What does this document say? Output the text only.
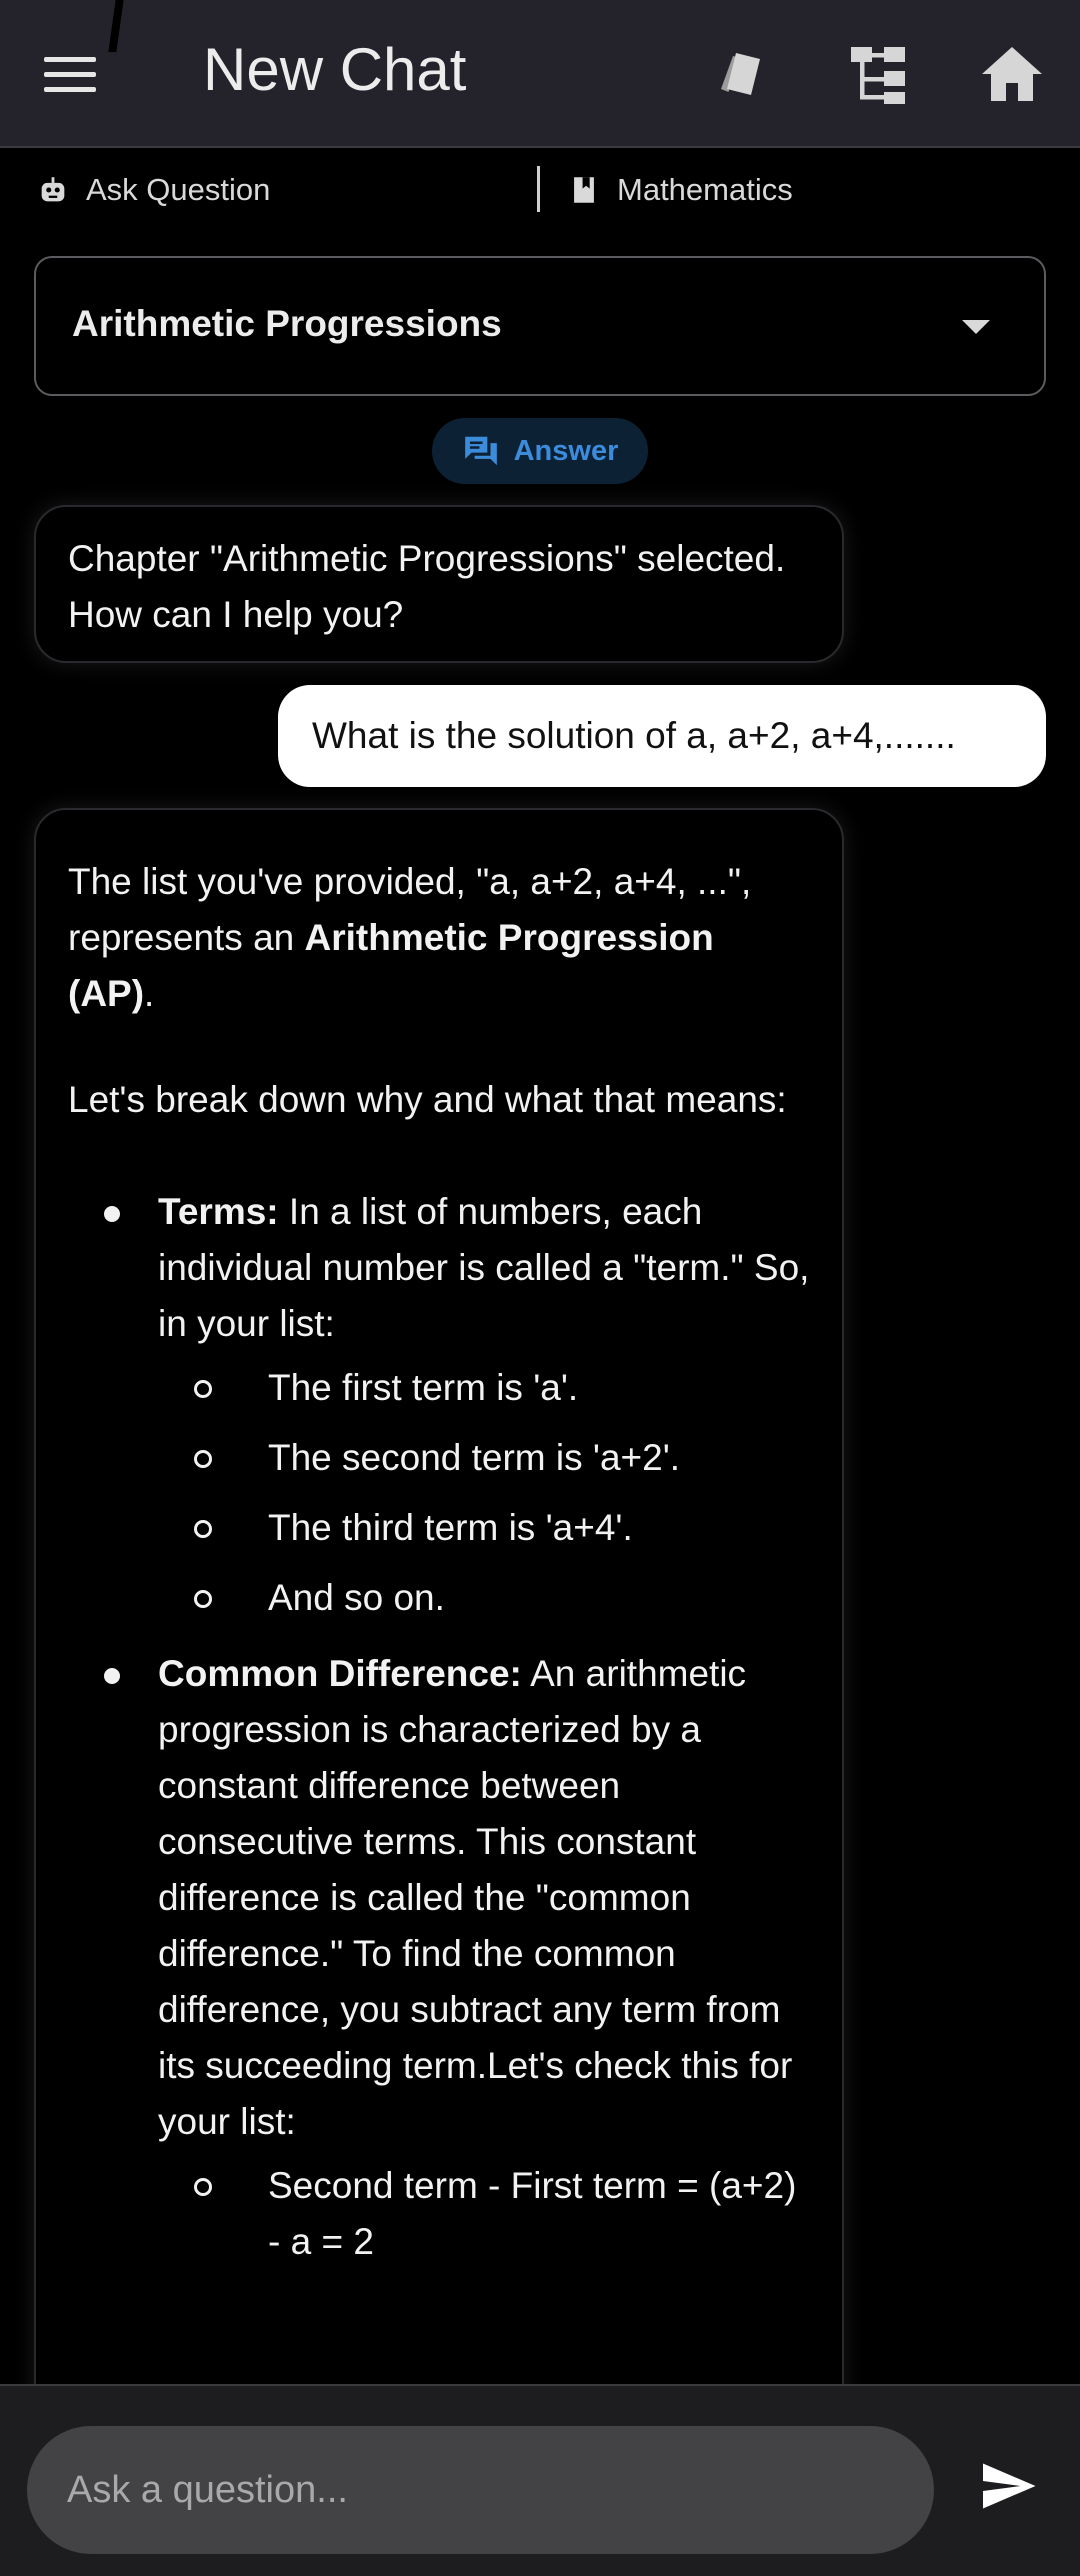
New Chat
Ask Question	Mathematics
Arithmetic Progressions
Answer
Chapter "Arithmetic Progressions" selected. How can I help you?
What is the solution of a, a+2, a+4,.......

The list you've provided, "a, a+2, a+4, ...", represents an Arithmetic Progression (AP).

Let's break down why and what that means:

Terms: In a list of numbers, each individual number is called a "term." So, in your list:
The first term is 'a'.
The second term is 'a+2'.
The third term is 'a+4'.
And so on.
Common Difference: An arithmetic progression is characterized by a constant difference between consecutive terms. This constant difference is called the "common difference." To find the common difference, you subtract any term from its succeeding term.Let's check this for your list:
Second term - First term = (a+2) - a = 2
Ask a question...
